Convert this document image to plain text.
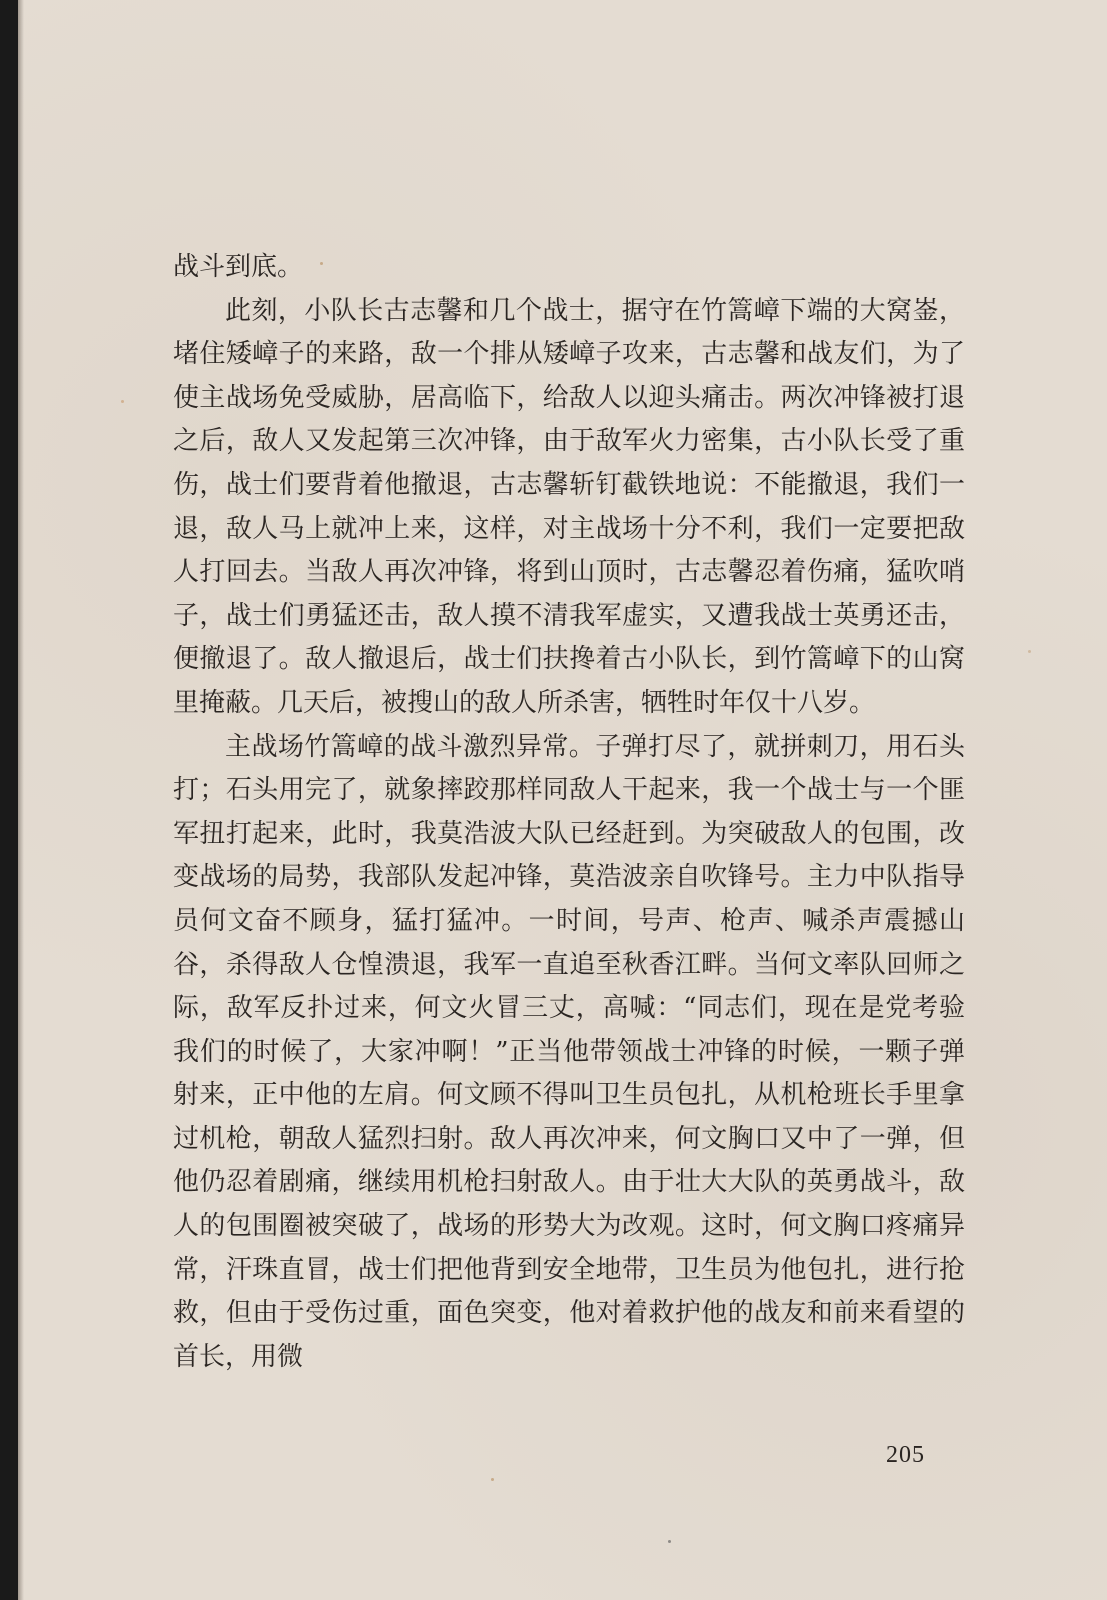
战斗到底。

此刻，小队长古志馨和几个战士，据守在竹篙嶂下端的大窝崟，堵住矮嶂子的来路，敌一个排从矮嶂子攻来，古志馨和战友们，为了使主战场免受威胁，居高临下，给敌人以迎头痛击。两次冲锋被打退之后，敌人又发起第三次冲锋，由于敌军火力密集，古小队长受了重伤，战士们要背着他撤退，古志馨斩钉截铁地说：不能撤退，我们一退，敌人马上就冲上来，这样，对主战场十分不利，我们一定要把敌人打回去。当敌人再次冲锋，将到山顶时，古志馨忍着伤痛，猛吹哨子，战士们勇猛还击，敌人摸不清我军虚实，又遭我战士英勇还击，便撤退了。敌人撤退后，战士们扶搀着古小队长，到竹篙嶂下的山窝里掩蔽。几天后，被搜山的敌人所杀害，牺牲时年仅十八岁。

主战场竹篙嶂的战斗激烈异常。子弹打尽了，就拼刺刀，用石头打；石头用完了，就象摔跤那样同敌人干起来，我一个战士与一个匪军扭打起来，此时，我莫浩波大队已经赶到。为突破敌人的包围，改变战场的局势，我部队发起冲锋，莫浩波亲自吹锋号。主力中队指导员何文奋不顾身，猛打猛冲。一时间，号声、枪声、喊杀声震撼山谷，杀得敌人仓惶溃退，我军一直追至秋香江畔。当何文率队回师之际，敌军反扑过来，何文火冒三丈，高喊：“同志们，现在是党考验我们的时候了，大家冲啊！”正当他带领战士冲锋的时候，一颗子弹射来，正中他的左肩。何文顾不得叫卫生员包扎，从机枪班长手里拿过机枪，朝敌人猛烈扫射。敌人再次冲来，何文胸口又中了一弹，但他仍忍着剧痛，继续用机枪扫射敌人。由于壮大大队的英勇战斗，敌人的包围圈被突破了，战场的形势大为改观。这时，何文胸口疼痛异常，汗珠直冒，战士们把他背到安全地带，卫生员为他包扎，进行抢救，但由于受伤过重，面色突变，他对着救护他的战友和前来看望的首长，用微

205
